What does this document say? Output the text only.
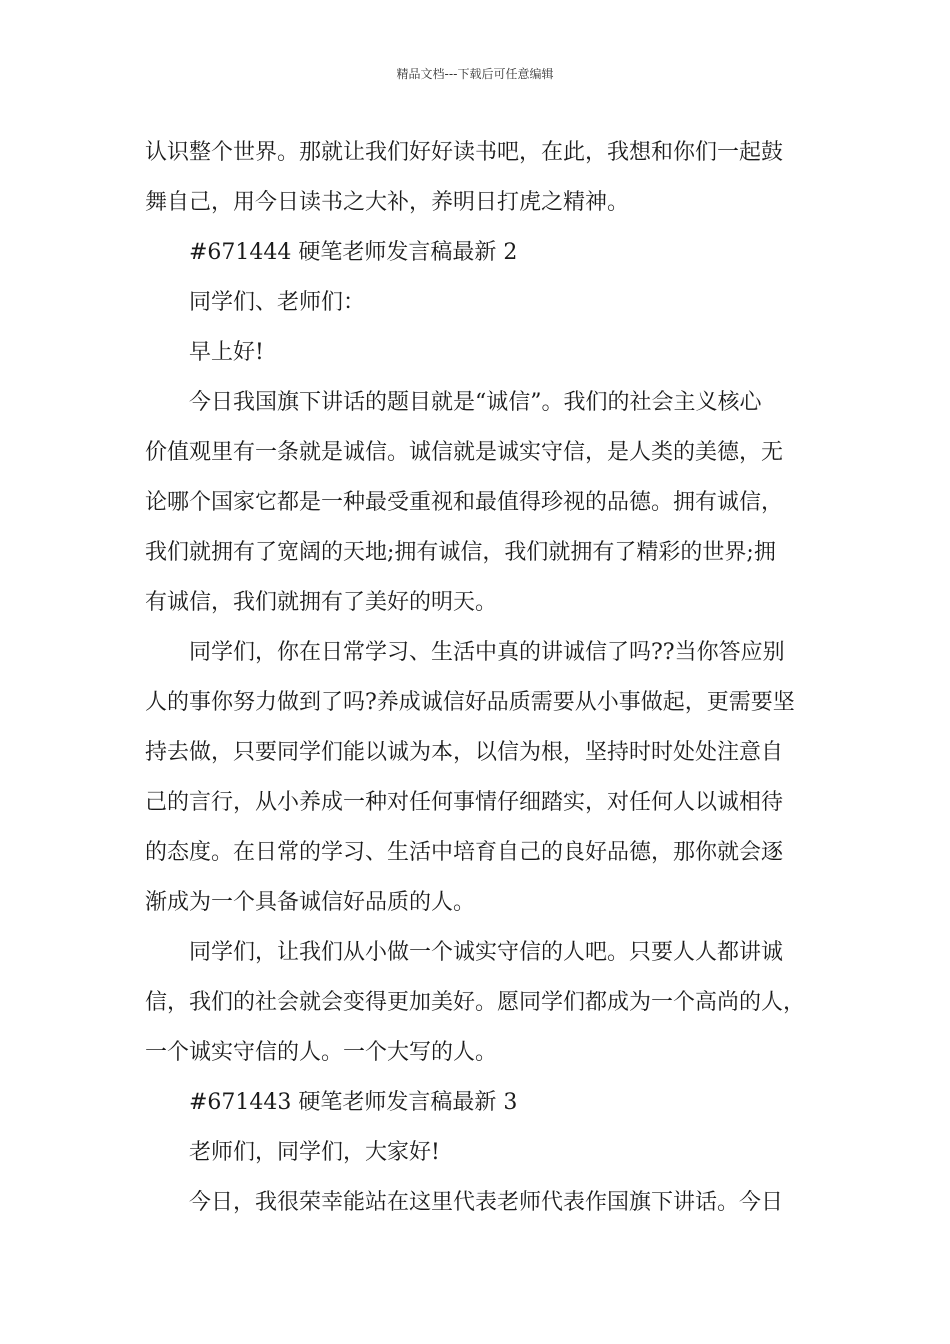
精品文档---下载后可任意编辑
认识整个世界。那就让我们好好读书吧，在此，我想和你们一起鼓
舞自己，用今日读书之大补，养明日打虎之精神。
#671444 硬笔老师发言稿最新 2
同学们、老师们：
早上好!
今日我国旗下讲话的题目就是“诚信”。我们的社会主义核心
价值观里有一条就是诚信。诚信就是诚实守信，是人类的美德，无
论哪个国家它都是一种最受重视和最值得珍视的品德。拥有诚信，
我们就拥有了宽阔的天地;拥有诚信，我们就拥有了精彩的世界;拥
有诚信，我们就拥有了美好的明天。
同学们，你在日常学习、生活中真的讲诚信了吗??当你答应别
人的事你努力做到了吗?养成诚信好品质需要从小事做起，更需要坚
持去做，只要同学们能以诚为本，以信为根，坚持时时处处注意自
己的言行，从小养成一种对任何事情仔细踏实，对任何人以诚相待
的态度。在日常的学习、生活中培育自己的良好品德，那你就会逐
渐成为一个具备诚信好品质的人。
同学们，让我们从小做一个诚实守信的人吧。只要人人都讲诚
信，我们的社会就会变得更加美好。愿同学们都成为一个高尚的人，
一个诚实守信的人。一个大写的人。
#671443 硬笔老师发言稿最新 3
老师们，同学们，大家好!
今日，我很荣幸能站在这里代表老师代表作国旗下讲话。今日
